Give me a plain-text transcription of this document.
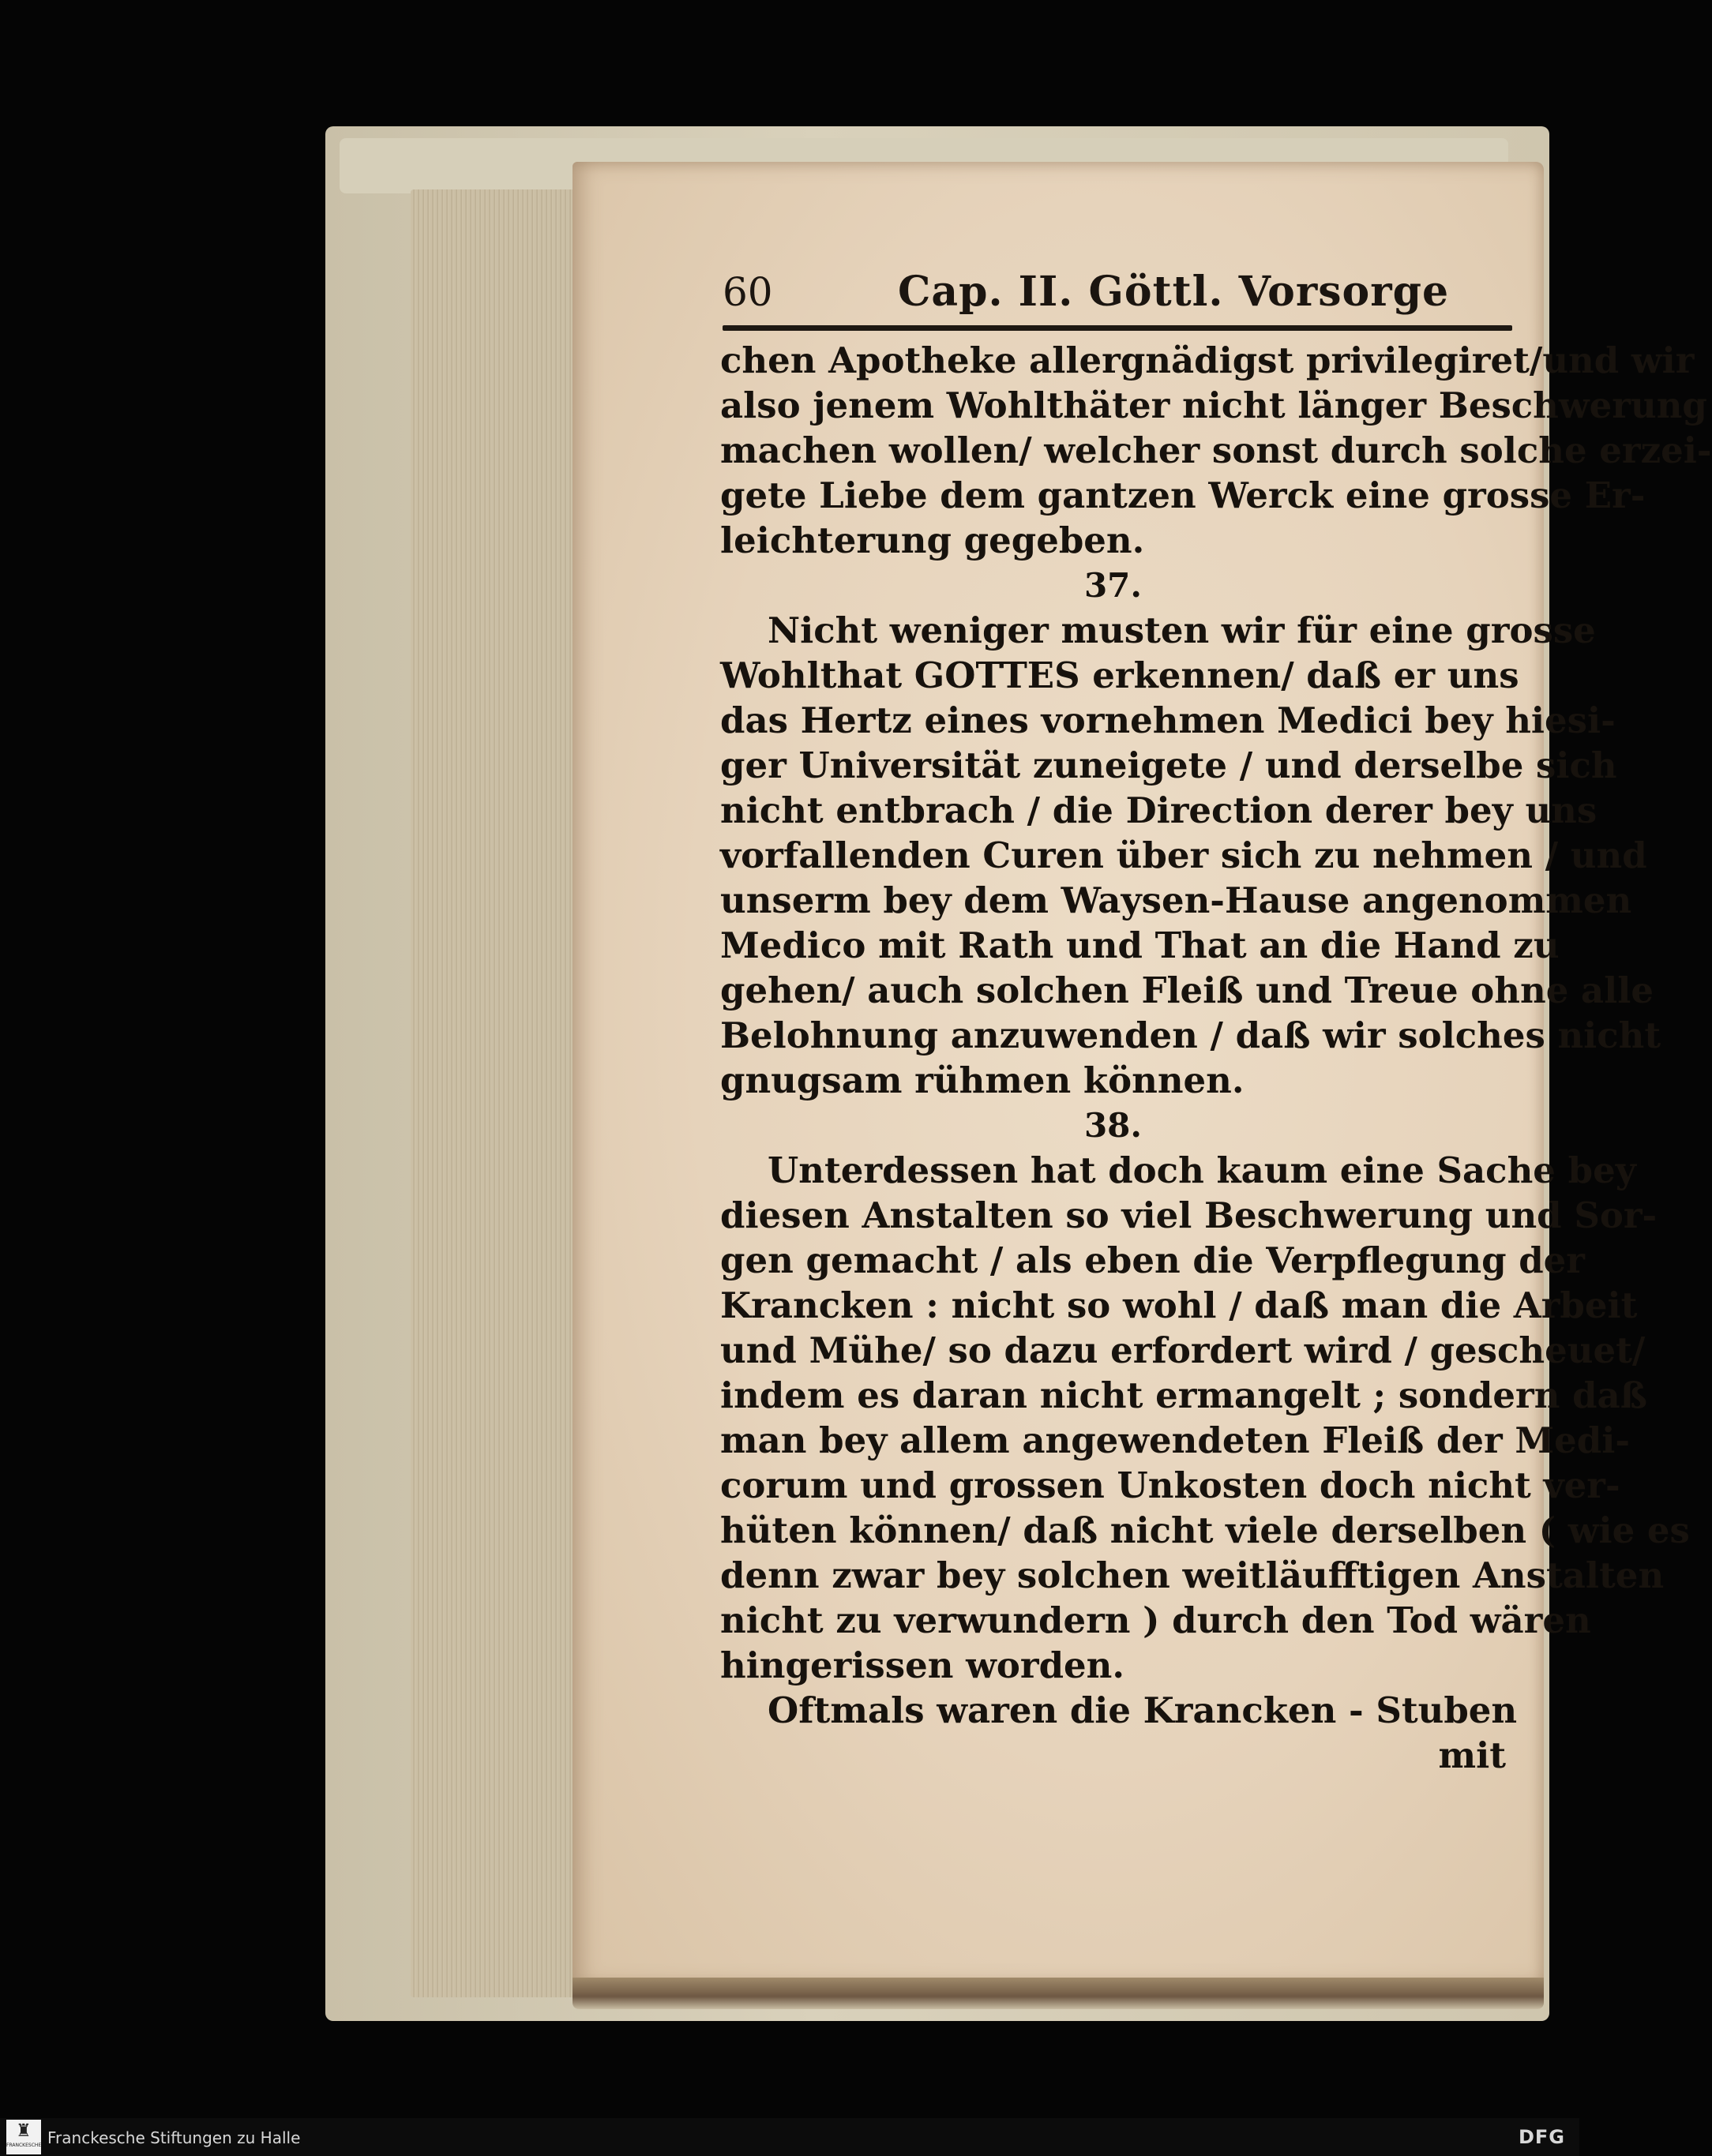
60	Cap. II. Göttl. Vorsorge
chen Apotheke allergnädigst privilegiret/und wir
also jenem Wohlthäter nicht länger Beschwerung
machen wollen/ welcher sonst durch solche erzei-
gete Liebe dem gantzen Werck eine grosse Er-
leichterung gegeben.
37.
Nicht weniger musten wir für eine grosse
Wohlthat GOTTES erkennen/ daß er uns
das Hertz eines vornehmen Medici bey hiesi-
ger Universität zuneigete / und derselbe sich
nicht entbrach / die Direction derer bey uns
vorfallenden Curen über sich zu nehmen / und
unserm bey dem Waysen-Hause angenommen
Medico mit Rath und That an die Hand zu
gehen/ auch solchen Fleiß und Treue ohne alle
Belohnung anzuwenden / daß wir solches nicht
gnugsam rühmen können.
38.
Unterdessen hat doch kaum eine Sache bey
diesen Anstalten so viel Beschwerung und Sor-
gen gemacht / als eben die Verpflegung der
Krancken : nicht so wohl / daß man die Arbeit
und Mühe/ so dazu erfordert wird / gescheuet/
indem es daran nicht ermangelt ; sondern daß
man bey allem angewendeten Fleiß der Medi-
corum und grossen Unkosten doch nicht ver-
hüten können/ daß nicht viele derselben ( wie es
denn zwar bey solchen weitläufftigen Anstalten
nicht zu verwundern ) durch den Tod wären
hingerissen worden.
Oftmals waren die Krancken - Stuben
mit
♜
FRANCKESCHE Franckesche Stiftungen zu Halle	DFG
